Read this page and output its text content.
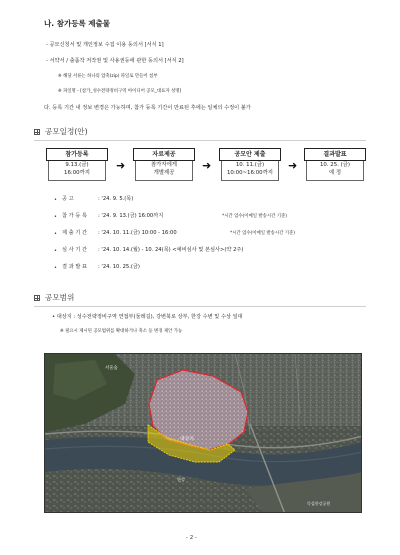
나. 참가등록 제출물
- 공모신청서 및 개인정보 수집 이용 동의서 [서식 1]
- 서약서 / 출품작 저작권 및 사용권등에 관한 동의서 [서식 2]
※ 해당 서류는 하나의 압축(zip) 파일로 만들어 첨부
※ 파일명 - [참가_성수전략정비구역 아이디어 공모_대표자 성명]
다. 등록 기간 내 정보 변경은 가능하며, 참가 등록 기간이 만료된 후에는 일체의 수정이 불가
공모일정(안)
참가등록
9.13.(금)
16:00까지
➜
자료제공
참가자에게
개별제공
➜
공모안 제출
10. 11.(금)
10:00~16:00까지
➜
결과발표
10. 25. (금)
예 정
• 공 고	: '24. 9. 5.(목)
• 참 가 등 록 : '24. 9. 13.(금) 16:00까지	*시간 엄수(이메일 발송시간 기준)
• 제 출 기 간 : '24. 10. 11.(금) 10:00 - 16:00	*시간 엄수(이메일 발송시간 기준)
• 심 사 기 간 : '24. 10. 14.(월) - 10. 24(목) <예비심사 및 본심사>(약 2주)
• 결 과 발 표 : '24. 10. 25.(금)
공모범위
• 대상지 : 성수전략정비구역 연접부(둘레길), 강변북로 상부, 한강 수변 및 수상 일대
※ 필요시 제시된 공모범위를 확대하거나 축소 등 변경 제안 가능
서울숲
대상지
한강
뚝섬한강공원
- 2 -
